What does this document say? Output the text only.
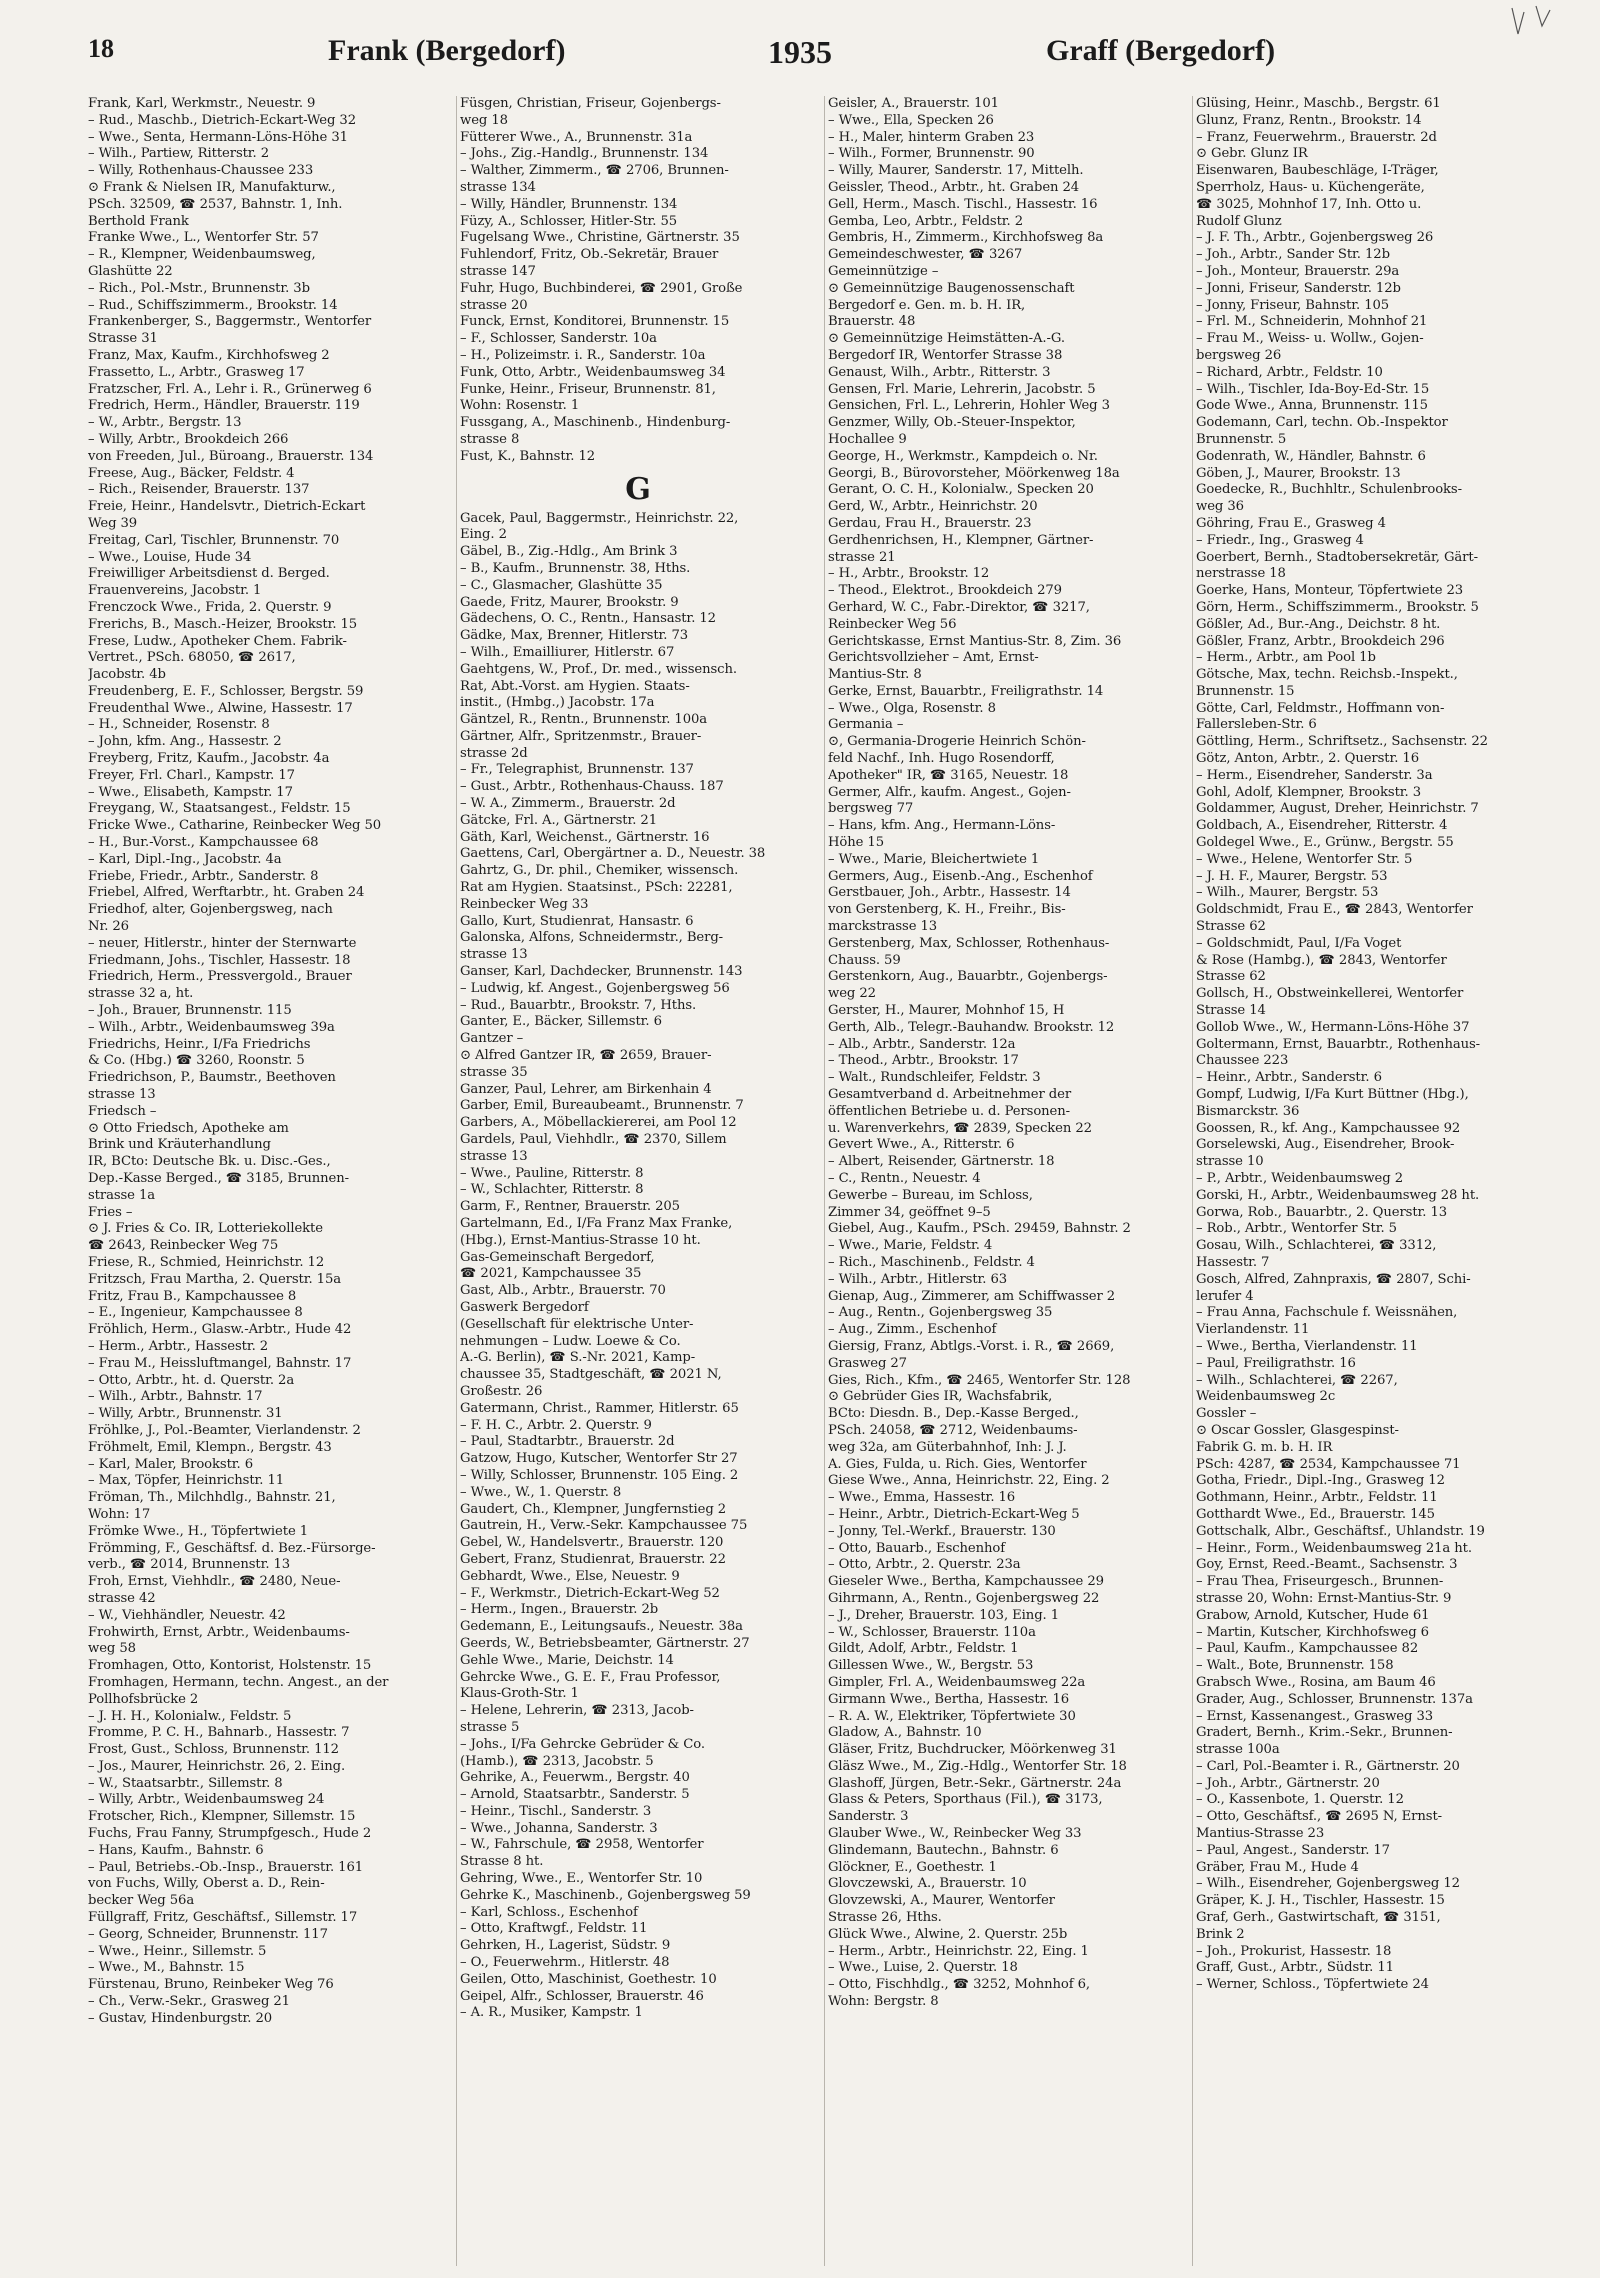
18	Frank (Bergedorf)	1935	Graff (Bergedorf)
Frank, Karl, Werkmstr., Neuestr. 9
– Rud., Maschb., Dietrich-Eckart-Weg 32
– Wwe., Senta, Hermann-Löns-Höhe 31
– Wilh., Partiew, Ritterstr. 2
– Willy, Rothenhaus-Chaussee 233
⊙ Frank & Nielsen IR, Manufakturw.,
PSch. 32509, ☎ 2537, Bahnstr. 1, Inh.
Berthold Frank
Franke Wwe., L., Wentorfer Str. 57
– R., Klempner, Weidenbaumsweg,
Glashütte 22
– Rich., Pol.-Mstr., Brunnenstr. 3b
– Rud., Schiffszimmerm., Brookstr. 14
Frankenberger, S., Baggermstr., Wentorfer
Strasse 31
Franz, Max, Kaufm., Kirchhofsweg 2
Frassetto, L., Arbtr., Grasweg 17
Fratzscher, Frl. A., Lehr i. R., Grünerweg 6
Fredrich, Herm., Händler, Brauerstr. 119
– W., Arbtr., Bergstr. 13
– Willy, Arbtr., Brookdeich 266
von Freeden, Jul., Büroang., Brauerstr. 134
Freese, Aug., Bäcker, Feldstr. 4
– Rich., Reisender, Brauerstr. 137
Freie, Heinr., Handelsvtr., Dietrich-Eckart
Weg 39
Freitag, Carl, Tischler, Brunnenstr. 70
– Wwe., Louise, Hude 34
Freiwilliger Arbeitsdienst d. Berged.
Frauenvereins, Jacobstr. 1
Frenczock Wwe., Frida, 2. Querstr. 9
Frerichs, B., Masch.-Heizer, Brookstr. 15
Frese, Ludw., Apotheker Chem. Fabrik-
Vertret., PSch. 68050, ☎ 2617,
Jacobstr. 4b
Freudenberg, E. F., Schlosser, Bergstr. 59
Freudenthal Wwe., Alwine, Hassestr. 17
– H., Schneider, Rosenstr. 8
– John, kfm. Ang., Hassestr. 2
Freyberg, Fritz, Kaufm., Jacobstr. 4a
Freyer, Frl. Charl., Kampstr. 17
– Wwe., Elisabeth, Kampstr. 17
Freygang, W., Staatsangest., Feldstr. 15
Fricke Wwe., Catharine, Reinbecker Weg 50
– H., Bur.-Vorst., Kampchaussee 68
– Karl, Dipl.-Ing., Jacobstr. 4a
Friebe, Friedr., Arbtr., Sanderstr. 8
Friebel, Alfred, Werftarbtr., ht. Graben 24
Friedhof, alter, Gojenbergsweg, nach
Nr. 26
– neuer, Hitlerstr., hinter der Sternwarte
Friedmann, Johs., Tischler, Hassestr. 18
Friedrich, Herm., Pressvergold., Brauer
strasse 32 a, ht.
– Joh., Brauer, Brunnenstr. 115
– Wilh., Arbtr., Weidenbaumsweg 39a
Friedrichs, Heinr., I/Fa Friedrichs
& Co. (Hbg.) ☎ 3260, Roonstr. 5
Friedrichson, P., Baumstr., Beethoven
strasse 13
Friedsch –
⊙ Otto Friedsch, Apotheke am
Brink und Kräuterhandlung
IR, BCto: Deutsche Bk. u. Disc.-Ges.,
Dep.-Kasse Berged., ☎ 3185, Brunnen-
strasse 1a
Fries –
⊙ J. Fries & Co. IR, Lotteriekollekte
☎ 2643, Reinbecker Weg 75
Friese, R., Schmied, Heinrichstr. 12
Fritzsch, Frau Martha, 2. Querstr. 15a
Fritz, Frau B., Kampchaussee 8
– E., Ingenieur, Kampchaussee 8
Fröhlich, Herm., Glasw.-Arbtr., Hude 42
– Herm., Arbtr., Hassestr. 2
– Frau M., Heissluftmangel, Bahnstr. 17
– Otto, Arbtr., ht. d. Querstr. 2a
– Wilh., Arbtr., Bahnstr. 17
– Willy, Arbtr., Brunnenstr. 31
Fröhlke, J., Pol.-Beamter, Vierlandenstr. 2
Fröhmelt, Emil, Klempn., Bergstr. 43
– Karl, Maler, Brookstr. 6
– Max, Töpfer, Heinrichstr. 11
Fröman, Th., Milchhdlg., Bahnstr. 21,
Wohn: 17
Frömke Wwe., H., Töpfertwiete 1
Frömming, F., Geschäftsf. d. Bez.-Fürsorge-
verb., ☎ 2014, Brunnenstr. 13
Froh, Ernst, Viehhdlr., ☎ 2480, Neue-
strasse 42
– W., Viehhändler, Neuestr. 42
Frohwirth, Ernst, Arbtr., Weidenbaums-
weg 58
Fromhagen, Otto, Kontorist, Holstenstr. 15
Fromhagen, Hermann, techn. Angest., an der
Pollhofsbrücke 2
– J. H. H., Kolonialw., Feldstr. 5
Fromme, P. C. H., Bahnarb., Hassestr. 7
Frost, Gust., Schloss, Brunnenstr. 112
– Jos., Maurer, Heinrichstr. 26, 2. Eing.
– W., Staatsarbtr., Sillemstr. 8
– Willy, Arbtr., Weidenbaumsweg 24
Frotscher, Rich., Klempner, Sillemstr. 15
Fuchs, Frau Fanny, Strumpfgesch., Hude 2
– Hans, Kaufm., Bahnstr. 6
– Paul, Betriebs.-Ob.-Insp., Brauerstr. 161
von Fuchs, Willy, Oberst a. D., Rein-
becker Weg 56a
Füllgraff, Fritz, Geschäftsf., Sillemstr. 17
– Georg, Schneider, Brunnenstr. 117
– Wwe., Heinr., Sillemstr. 5
– Wwe., M., Bahnstr. 15
Fürstenau, Bruno, Reinbeker Weg 76
– Ch., Verw.-Sekr., Grasweg 21
– Gustav, Hindenburgstr. 20
Füsgen, Christian, Friseur, Gojenbergs-
weg 18
Fütterer Wwe., A., Brunnenstr. 31a
– Johs., Zig.-Handlg., Brunnenstr. 134
– Walther, Zimmerm., ☎ 2706, Brunnen-
strasse 134
– Willy, Händler, Brunnenstr. 134
Füzy, A., Schlosser, Hitler-Str. 55
Fugelsang Wwe., Christine, Gärtnerstr. 35
Fuhlendorf, Fritz, Ob.-Sekretär, Brauer
strasse 147
Fuhr, Hugo, Buchbinderei, ☎ 2901, Große
strasse 20
Funck, Ernst, Konditorei, Brunnenstr. 15
– F., Schlosser, Sanderstr. 10a
– H., Polizeimstr. i. R., Sanderstr. 10a
Funk, Otto, Arbtr., Weidenbaumsweg 34
Funke, Heinr., Friseur, Brunnenstr. 81,
Wohn: Rosenstr. 1
Fussgang, A., Maschinenb., Hindenburg-
strasse 8
Fust, K., Bahnstr. 12
G
Gacek, Paul, Baggermstr., Heinrichstr. 22,
Eing. 2
Gäbel, B., Zig.-Hdlg., Am Brink 3
– B., Kaufm., Brunnenstr. 38, Hths.
– C., Glasmacher, Glashütte 35
Gaede, Fritz, Maurer, Brookstr. 9
Gädechens, O. C., Rentn., Hansastr. 12
Gädke, Max, Brenner, Hitlerstr. 73
– Wilh., Emailliurer, Hitlerstr. 67
Gaehtgens, W., Prof., Dr. med., wissensch.
Rat, Abt.-Vorst. am Hygien. Staats-
instit., (Hmbg.,) Jacobstr. 17a
Gäntzel, R., Rentn., Brunnenstr. 100a
Gärtner, Alfr., Spritzenmstr., Brauer-
strasse 2d
– Fr., Telegraphist, Brunnenstr. 137
– Gust., Arbtr., Rothenhaus-Chauss. 187
– W. A., Zimmerm., Brauerstr. 2d
Gätcke, Frl. A., Gärtnerstr. 21
Gäth, Karl, Weichenst., Gärtnerstr. 16
Gaettens, Carl, Obergärtner a. D., Neuestr. 38
Gahrtz, G., Dr. phil., Chemiker, wissensch.
Rat am Hygien. Staatsinst., PSch: 22281,
Reinbecker Weg 33
Gallo, Kurt, Studienrat, Hansastr. 6
Galonska, Alfons, Schneidermstr., Berg-
strasse 13
Ganser, Karl, Dachdecker, Brunnenstr. 143
– Ludwig, kf. Angest., Gojenbergsweg 56
– Rud., Bauarbtr., Brookstr. 7, Hths.
Ganter, E., Bäcker, Sillemstr. 6
Gantzer –
⊙ Alfred Gantzer IR, ☎ 2659, Brauer-
strasse 35
Ganzer, Paul, Lehrer, am Birkenhain 4
Garber, Emil, Bureaubeamt., Brunnenstr. 7
Garbers, A., Möbellackiererei, am Pool 12
Gardels, Paul, Viehhdlr., ☎ 2370, Sillem
strasse 13
– Wwe., Pauline, Ritterstr. 8
– W., Schlachter, Ritterstr. 8
Garm, F., Rentner, Brauerstr. 205
Gartelmann, Ed., I/Fa Franz Max Franke,
(Hbg.), Ernst-Mantius-Strasse 10 ht.
Gas-Gemeinschaft Bergedorf,
☎ 2021, Kampchaussee 35
Gast, Alb., Arbtr., Brauerstr. 70
Gaswerk Bergedorf
(Gesellschaft für elektrische Unter-
nehmungen – Ludw. Loewe & Co.
A.-G. Berlin), ☎ S.-Nr. 2021, Kamp-
chaussee 35, Stadtgeschäft, ☎ 2021 N,
Großestr. 26
Gatermann, Christ., Rammer, Hitlerstr. 65
– F. H. C., Arbtr. 2. Querstr. 9
– Paul, Stadtarbtr., Brauerstr. 2d
Gatzow, Hugo, Kutscher, Wentorfer Str 27
– Willy, Schlosser, Brunnenstr. 105 Eing. 2
– Wwe., W., 1. Querstr. 8
Gaudert, Ch., Klempner, Jungfernstieg 2
Gautrein, H., Verw.-Sekr. Kampchaussee 75
Gebel, W., Handelsvertr., Brauerstr. 120
Gebert, Franz, Studienrat, Brauerstr. 22
Gebhardt, Wwe., Else, Neuestr. 9
– F., Werkmstr., Dietrich-Eckart-Weg 52
– Herm., Ingen., Brauerstr. 2b
Gedemann, E., Leitungsaufs., Neuestr. 38a
Geerds, W., Betriebsbeamter, Gärtnerstr. 27
Gehle Wwe., Marie, Deichstr. 14
Gehrcke Wwe., G. E. F., Frau Professor,
Klaus-Groth-Str. 1
– Helene, Lehrerin, ☎ 2313, Jacob-
strasse 5
– Johs., I/Fa Gehrcke Gebrüder & Co.
(Hamb.), ☎ 2313, Jacobstr. 5
Gehrike, A., Feuerwm., Bergstr. 40
– Arnold, Staatsarbtr., Sanderstr. 5
– Heinr., Tischl., Sanderstr. 3
– Wwe., Johanna, Sanderstr. 3
– W., Fahrschule, ☎ 2958, Wentorfer
Strasse 8 ht.
Gehring, Wwe., E., Wentorfer Str. 10
Gehrke K., Maschinenb., Gojenbergsweg 59
– Karl, Schloss., Eschenhof
– Otto, Kraftwgf., Feldstr. 11
Gehrken, H., Lagerist, Südstr. 9
– O., Feuerwehrm., Hitlerstr. 48
Geilen, Otto, Maschinist, Goethestr. 10
Geipel, Alfr., Schlosser, Brauerstr. 46
– A. R., Musiker, Kampstr. 1
Geisler, A., Brauerstr. 101
– Wwe., Ella, Specken 26
– H., Maler, hinterm Graben 23
– Wilh., Former, Brunnenstr. 90
– Willy, Maurer, Sanderstr. 17, Mittelh.
Geissler, Theod., Arbtr., ht. Graben 24
Gell, Herm., Masch. Tischl., Hassestr. 16
Gemba, Leo, Arbtr., Feldstr. 2
Gembris, H., Zimmerm., Kirchhofsweg 8a
Gemeindeschwester, ☎ 3267
Gemeinnützige –
⊙ Gemeinnützige Baugenossenschaft
Bergedorf e. Gen. m. b. H. IR,
Brauerstr. 48
⊙ Gemeinnützige Heimstätten-A.-G.
Bergedorf IR, Wentorfer Strasse 38
Genaust, Wilh., Arbtr., Ritterstr. 3
Gensen, Frl. Marie, Lehrerin, Jacobstr. 5
Gensichen, Frl. L., Lehrerin, Hohler Weg 3
Genzmer, Willy, Ob.-Steuer-Inspektor,
Hochallee 9
George, H., Werkmstr., Kampdeich o. Nr.
Georgi, B., Bürovorsteher, Möörkenweg 18a
Gerant, O. C. H., Kolonialw., Specken 20
Gerd, W., Arbtr., Heinrichstr. 20
Gerdau, Frau H., Brauerstr. 23
Gerdhenrichsen, H., Klempner, Gärtner-
strasse 21
– H., Arbtr., Brookstr. 12
– Theod., Elektrot., Brookdeich 279
Gerhard, W. C., Fabr.-Direktor, ☎ 3217,
Reinbecker Weg 56
Gerichtskasse, Ernst Mantius-Str. 8, Zim. 36
Gerichtsvollzieher – Amt, Ernst-
Mantius-Str. 8
Gerke, Ernst, Bauarbtr., Freiligrathstr. 14
– Wwe., Olga, Rosenstr. 8
Germania –
⊙, Germania-Drogerie Heinrich Schön-
feld Nachf., Inh. Hugo Rosendorff,
Apotheker" IR, ☎ 3165, Neuestr. 18
Germer, Alfr., kaufm. Angest., Gojen-
bergsweg 77
– Hans, kfm. Ang., Hermann-Löns-
Höhe 15
– Wwe., Marie, Bleichertwiete 1
Germers, Aug., Eisenb.-Ang., Eschenhof
Gerstbauer, Joh., Arbtr., Hassestr. 14
von Gerstenberg, K. H., Freihr., Bis-
marckstrasse 13
Gerstenberg, Max, Schlosser, Rothenhaus-
Chauss. 59
Gerstenkorn, Aug., Bauarbtr., Gojenbergs-
weg 22
Gerster, H., Maurer, Mohnhof 15, H
Gerth, Alb., Telegr.-Bauhandw. Brookstr. 12
– Alb., Arbtr., Sanderstr. 12a
– Theod., Arbtr., Brookstr. 17
– Walt., Rundschleifer, Feldstr. 3
Gesamtverband d. Arbeitnehmer der
öffentlichen Betriebe u. d. Personen-
u. Warenverkehrs, ☎ 2839, Specken 22
Gevert Wwe., A., Ritterstr. 6
– Albert, Reisender, Gärtnerstr. 18
– C., Rentn., Neuestr. 4
Gewerbe – Bureau, im Schloss,
Zimmer 34, geöffnet 9–5
Giebel, Aug., Kaufm., PSch. 29459, Bahnstr. 2
– Wwe., Marie, Feldstr. 4
– Rich., Maschinenb., Feldstr. 4
– Wilh., Arbtr., Hitlerstr. 63
Gienap, Aug., Zimmerer, am Schiffwasser 2
– Aug., Rentn., Gojenbergsweg 35
– Aug., Zimm., Eschenhof
Giersig, Franz, Abtlgs.-Vorst. i. R., ☎ 2669,
Grasweg 27
Gies, Rich., Kfm., ☎ 2465, Wentorfer Str. 128
⊙ Gebrüder Gies IR, Wachsfabrik,
BCto: Diesdn. B., Dep.-Kasse Berged.,
PSch. 24058, ☎ 2712, Weidenbaums-
weg 32a, am Güterbahnhof, Inh: J. J.
A. Gies, Fulda, u. Rich. Gies, Wentorfer
Giese Wwe., Anna, Heinrichstr. 22, Eing. 2
– Wwe., Emma, Hassestr. 16
– Heinr., Arbtr., Dietrich-Eckart-Weg 5
– Jonny, Tel.-Werkf., Brauerstr. 130
– Otto, Bauarb., Eschenhof
– Otto, Arbtr., 2. Querstr. 23a
Gieseler Wwe., Bertha, Kampchaussee 29
Gihrmann, A., Rentn., Gojenbergsweg 22
– J., Dreher, Brauerstr. 103, Eing. 1
– W., Schlosser, Brauerstr. 110a
Gildt, Adolf, Arbtr., Feldstr. 1
Gillessen Wwe., W., Bergstr. 53
Gimpler, Frl. A., Weidenbaumsweg 22a
Girmann Wwe., Bertha, Hassestr. 16
– R. A. W., Elektriker, Töpfertwiete 30
Gladow, A., Bahnstr. 10
Gläser, Fritz, Buchdrucker, Möörkenweg 31
Gläsz Wwe., M., Zig.-Hdlg., Wentorfer Str. 18
Glashoff, Jürgen, Betr.-Sekr., Gärtnerstr. 24a
Glass & Peters, Sporthaus (Fil.), ☎ 3173,
Sanderstr. 3
Glauber Wwe., W., Reinbecker Weg 33
Glindemann, Bautechn., Bahnstr. 6
Glöckner, E., Goethestr. 1
Glovczewski, A., Brauerstr. 10
Glovzewski, A., Maurer, Wentorfer
Strasse 26, Hths.
Glück Wwe., Alwine, 2. Querstr. 25b
– Herm., Arbtr., Heinrichstr. 22, Eing. 1
– Wwe., Luise, 2. Querstr. 18
– Otto, Fischhdlg., ☎ 3252, Mohnhof 6,
Wohn: Bergstr. 8
Glüsing, Heinr., Maschb., Bergstr. 61
Glunz, Franz, Rentn., Brookstr. 14
– Franz, Feuerwehrm., Brauerstr. 2d
⊙ Gebr. Glunz IR
Eisenwaren, Baubeschläge, I-Träger,
Sperrholz, Haus- u. Küchengeräte,
☎ 3025, Mohnhof 17, Inh. Otto u.
Rudolf Glunz
– J. F. Th., Arbtr., Gojenbergsweg 26
– Joh., Arbtr., Sander Str. 12b
– Joh., Monteur, Brauerstr. 29a
– Jonni, Friseur, Sanderstr. 12b
– Jonny, Friseur, Bahnstr. 105
– Frl. M., Schneiderin, Mohnhof 21
– Frau M., Weiss- u. Wollw., Gojen-
bergsweg 26
– Richard, Arbtr., Feldstr. 10
– Wilh., Tischler, Ida-Boy-Ed-Str. 15
Gode Wwe., Anna, Brunnenstr. 115
Godemann, Carl, techn. Ob.-Inspektor
Brunnenstr. 5
Godenrath, W., Händler, Bahnstr. 6
Göben, J., Maurer, Brookstr. 13
Goedecke, R., Buchhltr., Schulenbrooks-
weg 36
Göhring, Frau E., Grasweg 4
– Friedr., Ing., Grasweg 4
Goerbert, Bernh., Stadtobersekretär, Gärt-
nerstrasse 18
Goerke, Hans, Monteur, Töpfertwiete 23
Görn, Herm., Schiffszimmerm., Brookstr. 5
Gößler, Ad., Bur.-Ang., Deichstr. 8 ht.
Gößler, Franz, Arbtr., Brookdeich 296
– Herm., Arbtr., am Pool 1b
Götsche, Max, techn. Reichsb.-Inspekt.,
Brunnenstr. 15
Götte, Carl, Feldmstr., Hoffmann von-
Fallersleben-Str. 6
Göttling, Herm., Schriftsetz., Sachsenstr. 22
Götz, Anton, Arbtr., 2. Querstr. 16
– Herm., Eisendreher, Sanderstr. 3a
Gohl, Adolf, Klempner, Brookstr. 3
Goldammer, August, Dreher, Heinrichstr. 7
Goldbach, A., Eisendreher, Ritterstr. 4
Goldegel Wwe., E., Grünw., Bergstr. 55
– Wwe., Helene, Wentorfer Str. 5
– J. H. F., Maurer, Bergstr. 53
– Wilh., Maurer, Bergstr. 53
Goldschmidt, Frau E., ☎ 2843, Wentorfer
Strasse 62
– Goldschmidt, Paul, I/Fa Voget
& Rose (Hambg.), ☎ 2843, Wentorfer
Strasse 62
Gollsch, H., Obstweinkellerei, Wentorfer
Strasse 14
Gollob Wwe., W., Hermann-Löns-Höhe 37
Goltermann, Ernst, Bauarbtr., Rothenhaus-
Chaussee 223
– Heinr., Arbtr., Sanderstr. 6
Gompf, Ludwig, I/Fa Kurt Büttner (Hbg.),
Bismarckstr. 36
Goossen, R., kf. Ang., Kampchaussee 92
Gorselewski, Aug., Eisendreher, Brook-
strasse 10
– P., Arbtr., Weidenbaumsweg 2
Gorski, H., Arbtr., Weidenbaumsweg 28 ht.
Gorwa, Rob., Bauarbtr., 2. Querstr. 13
– Rob., Arbtr., Wentorfer Str. 5
Gosau, Wilh., Schlachterei, ☎ 3312,
Hassestr. 7
Gosch, Alfred, Zahnpraxis, ☎ 2807, Schi-
lerufer 4
– Frau Anna, Fachschule f. Weissnähen,
Vierlandenstr. 11
– Wwe., Bertha, Vierlandenstr. 11
– Paul, Freiligrathstr. 16
– Wilh., Schlachterei, ☎ 2267,
Weidenbaumsweg 2c
Gossler –
⊙ Oscar Gossler, Glasgespinst-
Fabrik G. m. b. H. IR
PSch: 4287, ☎ 2534, Kampchaussee 71
Gotha, Friedr., Dipl.-Ing., Grasweg 12
Gothmann, Heinr., Arbtr., Feldstr. 11
Gotthardt Wwe., Ed., Brauerstr. 145
Gottschalk, Albr., Geschäftsf., Uhlandstr. 19
– Heinr., Form., Weidenbaumsweg 21a ht.
Goy, Ernst, Reed.-Beamt., Sachsenstr. 3
– Frau Thea, Friseurgesch., Brunnen-
strasse 20, Wohn: Ernst-Mantius-Str. 9
Grabow, Arnold, Kutscher, Hude 61
– Martin, Kutscher, Kirchhofsweg 6
– Paul, Kaufm., Kampchaussee 82
– Walt., Bote, Brunnenstr. 158
Grabsch Wwe., Rosina, am Baum 46
Grader, Aug., Schlosser, Brunnenstr. 137a
– Ernst, Kassenangest., Grasweg 33
Gradert, Bernh., Krim.-Sekr., Brunnen-
strasse 100a
– Carl, Pol.-Beamter i. R., Gärtnerstr. 20
– Joh., Arbtr., Gärtnerstr. 20
– O., Kassenbote, 1. Querstr. 12
– Otto, Geschäftsf., ☎ 2695 N, Ernst-
Mantius-Strasse 23
– Paul, Angest., Sanderstr. 17
Gräber, Frau M., Hude 4
– Wilh., Eisendreher, Gojenbergsweg 12
Gräper, K. J. H., Tischler, Hassestr. 15
Graf, Gerh., Gastwirtschaft, ☎ 3151,
Brink 2
– Joh., Prokurist, Hassestr. 18
Graff, Gust., Arbtr., Südstr. 11
– Werner, Schloss., Töpfertwiete 24
